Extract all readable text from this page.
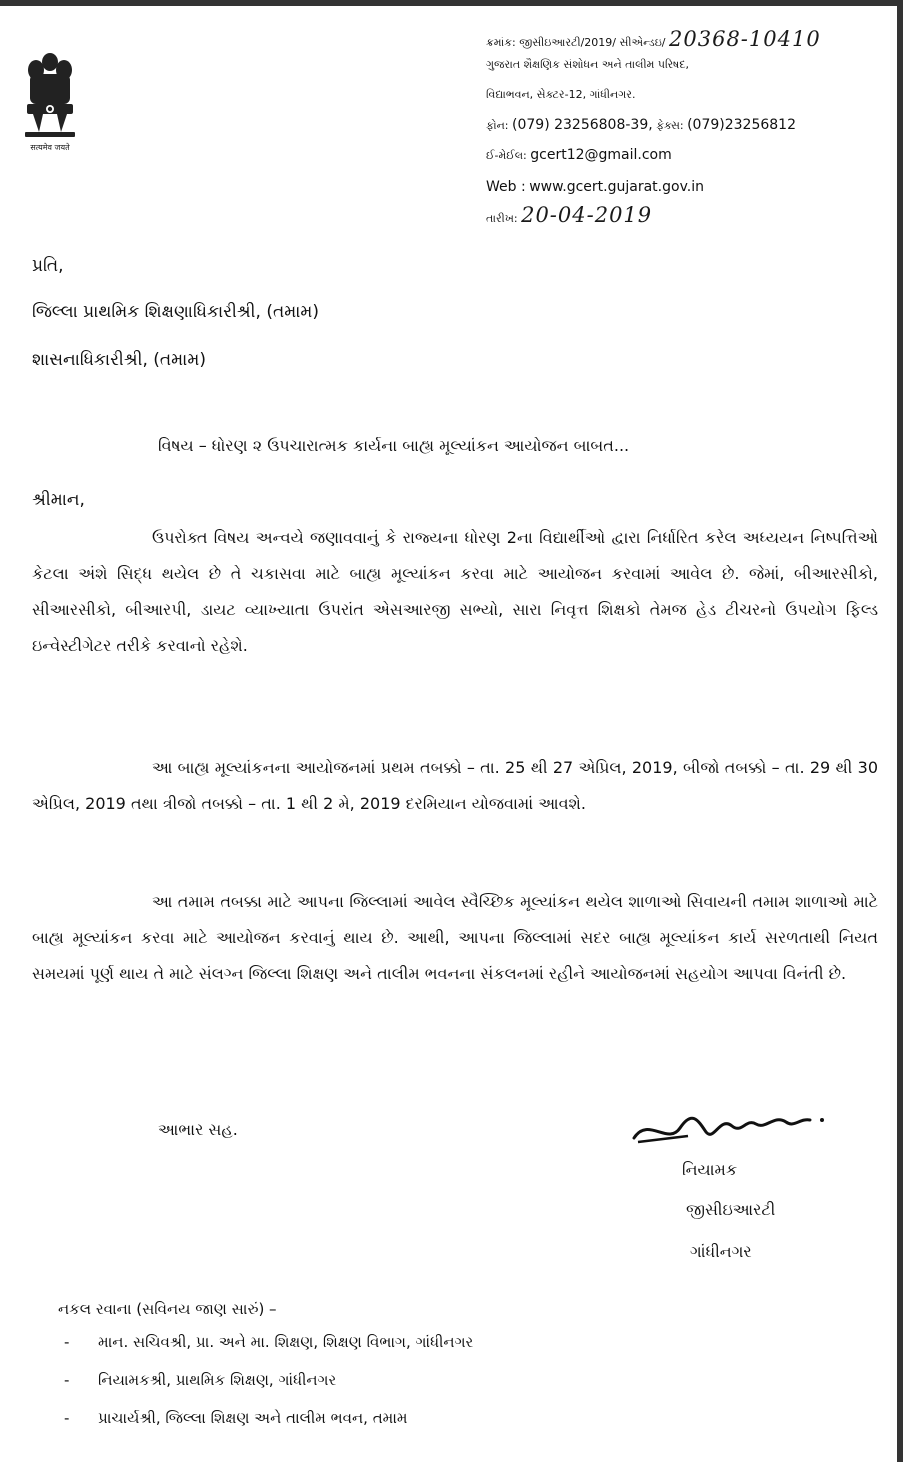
सत्यमेव जयते
ક્રમાંક: જીસીઇઆરટી/2019/ સીએન્ડઇ/ 20368-10410
ગુજરાત શૈક્ષણિક સંશોધન અને તાલીમ પરિષદ,
વિદ્યાભવન, સેક્ટર-12, ગાંધીનગર.
ફોન: (079) 23256808-39, ફેક્સ: (079)23256812
ઈ-મેઈલ: gcert12@gmail.com
Web : www.gcert.gujarat.gov.in
તારીખ: 20-04-2019
પ્રતિ,
જિલ્લા પ્રાથમિક શિક્ષણાધિકારીશ્રી, (તમામ)
શાસનાધિકારીશ્રી, (તમામ)
વિષય – ધોરણ ૨ ઉપચારાત્મક કાર્યના બાહ્ય મૂલ્યાંકન આયોજન બાબત...
શ્રીમાન,
ઉપરોક્ત વિષય અન્વયે જણાવવાનું કે રાજ્યના ધોરણ 2ના વિદ્યાર્થીઓ દ્વારા નિર્ધારિત કરેલ અધ્યયન નિષ્પત્તિઓ કેટલા અંશે સિદ્ધ થયેલ છે તે ચકાસવા માટે બાહ્ય મૂલ્યાંકન કરવા માટે આયોજન કરવામાં આવેલ છે. જેમાં, બીઆરસીકો, સીઆરસીકો, બીઆરપી, ડાયટ વ્યાખ્યાતા ઉપરાંત એસઆરજી સભ્યો, સારા નિવૃત્ત શિક્ષકો તેમજ હેડ ટીચરનો ઉપયોગ ફિલ્ડ ઇન્વેસ્ટીગેટર તરીકે કરવાનો રહેશે.
આ બાહ્ય મૂલ્યાંકનના આયોજનમાં પ્રથમ તબક્કો – તા. 25 થી 27 એપ્રિલ, 2019, બીજો તબક્કો – તા. 29 થી 30 એપ્રિલ, 2019 તથા ત્રીજો તબક્કો – તા. 1 થી 2 મે, 2019 દરમિયાન યોજવામાં આવશે.
આ તમામ તબક્કા માટે આપના જિલ્લામાં આવેલ સ્વૈચ્છિક મૂલ્યાંકન થયેલ શાળાઓ સિવાયની તમામ શાળાઓ માટે બાહ્ય મૂલ્યાંકન કરવા માટે આયોજન કરવાનું થાય છે. આથી, આપના જિલ્લામાં સદર બાહ્ય મૂલ્યાંકન કાર્ય સરળતાથી નિયત સમયમાં પૂર્ણ થાય તે માટે સંલગ્ન જિલ્લા શિક્ષણ અને તાલીમ ભવનના સંકલનમાં રહીને આયોજનમાં સહયોગ આપવા વિનંતી છે.
આભાર સહ.
નિયામક
જીસીઇઆરટી
ગાંધીનગર
નકલ રવાના (સવિનય જાણ સારું) –
- માન. સચિવશ્રી, પ્રા. અને મા. શિક્ષણ, શિક્ષણ વિભાગ, ગાંધીનગર
- નિયામકશ્રી, પ્રાથમિક શિક્ષણ, ગાંધીનગર
- પ્રાચાર્યશ્રી, જિલ્લા શિક્ષણ અને તાલીમ ભવન, તમામ
